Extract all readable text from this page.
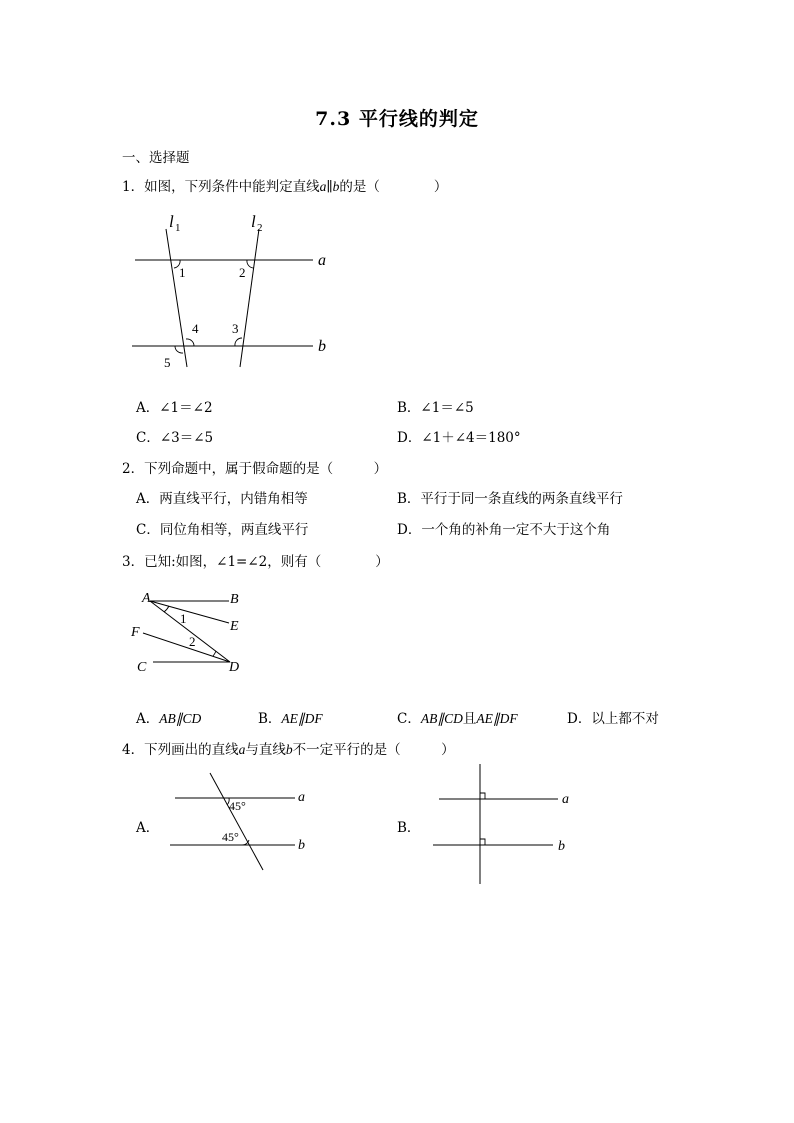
7.3 平行线的判定
一、选择题
1．如图，下列条件中能判定直线a∥b的是（　　　　）
l 1	l 2
a
b
1	2
3
4
5
A．∠1＝∠2	B．∠1＝∠5
C．∠3＝∠5	D．∠1＋∠4＝180°
2．下列命题中，属于假命题的是（　　　）
A．两直线平行，内错角相等	B．平行于同一条直线的两条直线平行
C．同位角相等，两直线平行	D．一个角的补角一定不大于这个角
3．已知:如图，∠1=∠2，则有（　　　　）
A	B
E
F
C	D
1
2
A．AB∥CD	B．AE∥DF	C．AB∥CD且AE∥DF	D．以上都不对
4．下列画出的直线a与直线b不一定平行的是（　　　）
A．
45°
45°
a
b
B．
a
b
